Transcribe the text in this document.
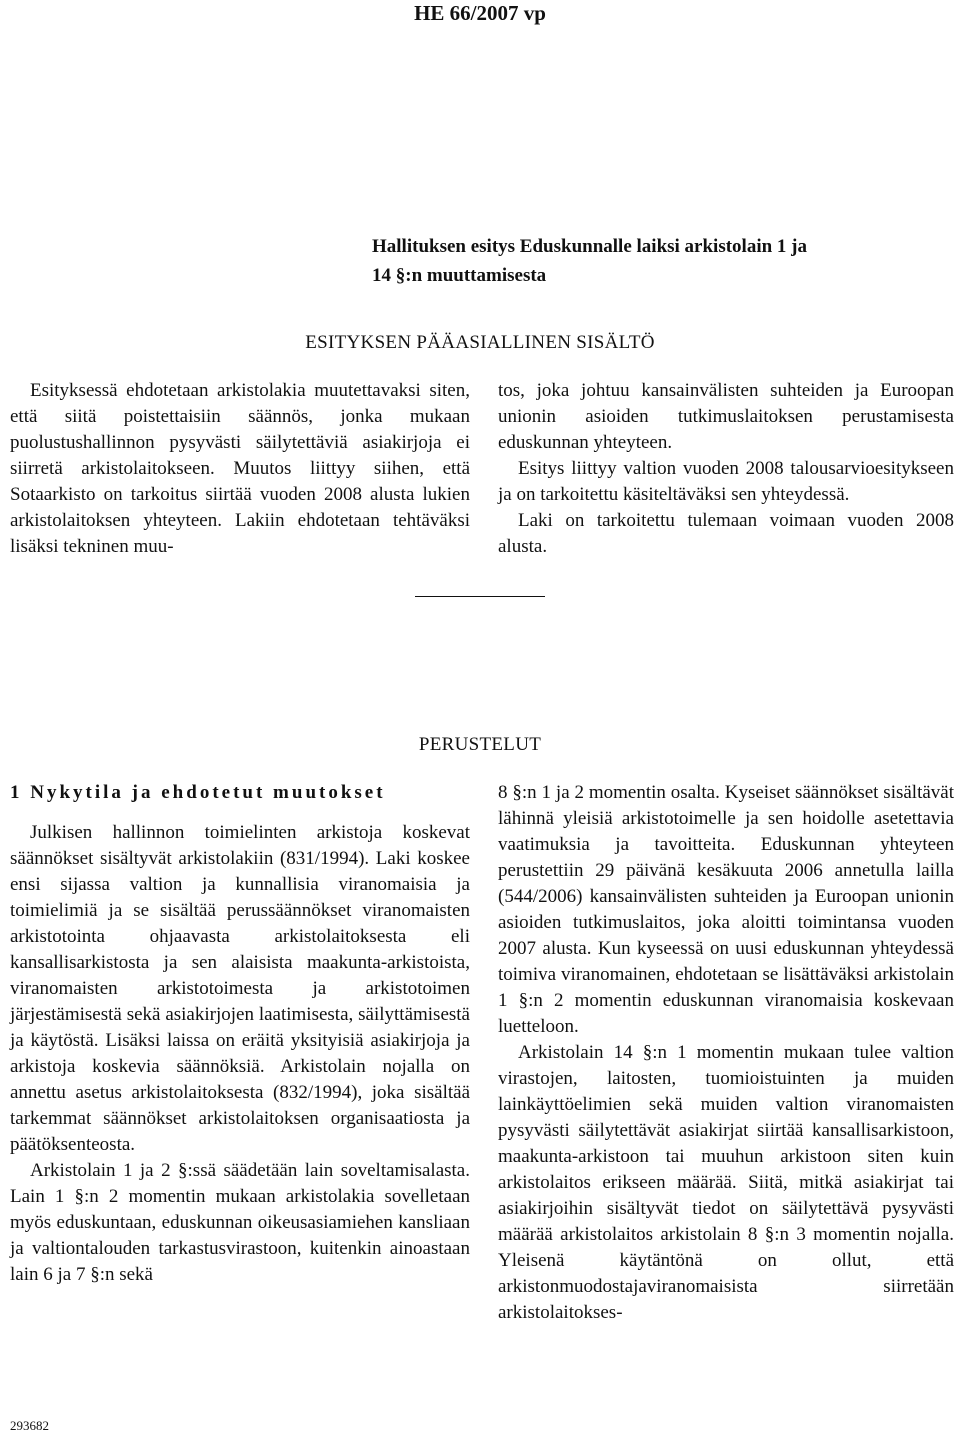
HE 66/2007 vp
Hallituksen esitys Eduskunnalle laiksi arkistolain 1 ja
14 §:n muuttamisesta
ESITYKSEN PÄÄASIALLINEN SISÄLTÖ

Esityksessä ehdotetaan arkistolakia muutettavaksi siten, että siitä poistettaisiin säännös, jonka mukaan puolustushallinnon pysyvästi säilytettäviä asiakirjoja ei siirretä arkistolaitokseen. Muutos liittyy siihen, että Sotaarkisto on tarkoitus siirtää vuoden 2008 alusta lukien arkistolaitoksen yhteyteen. Lakiin ehdotetaan tehtäväksi lisäksi tekninen muu-

tos, joka johtuu kansainvälisten suhteiden ja Euroopan unionin asioiden tutkimuslaitoksen perustamisesta eduskunnan yhteyteen.

Esitys liittyy valtion vuoden 2008 talousarvioesitykseen ja on tarkoitettu käsiteltäväksi sen yhteydessä.

Laki on tarkoitettu tulemaan voimaan vuoden 2008 alusta.

PERUSTELUT
1 Nykytila ja ehdotetut muutokset

Julkisen hallinnon toimielinten arkistoja koskevat säännökset sisältyvät arkistolakiin (831/1994). Laki koskee ensi sijassa valtion ja kunnallisia viranomaisia ja toimielimiä ja se sisältää perussäännökset viranomaisten arkistotointa ohjaavasta arkistolaitoksesta eli kansallisarkistosta ja sen alaisista maakunta-arkistoista, viranomaisten arkistotoimesta ja arkistotoimen järjestämisestä sekä asiakirjojen laatimisesta, säilyttämisestä ja käytöstä. Lisäksi laissa on eräitä yksityisiä asiakirjoja ja arkistoja koskevia säännöksiä. Arkistolain nojalla on annettu asetus arkistolaitoksesta (832/1994), joka sisältää tarkemmat säännökset arkistolaitoksen organisaatiosta ja päätöksenteosta.

Arkistolain 1 ja 2 §:ssä säädetään lain soveltamisalasta. Lain 1 §:n 2 momentin mukaan arkistolakia sovelletaan myös eduskuntaan, eduskunnan oikeusasiamiehen kansliaan ja valtiontalouden tarkastusvirastoon, kuitenkin ainoastaan lain 6 ja 7 §:n sekä

8 §:n 1 ja 2 momentin osalta. Kyseiset säännökset sisältävät lähinnä yleisiä arkistotoimelle ja sen hoidolle asetettavia vaatimuksia ja tavoitteita. Eduskunnan yhteyteen perustettiin 29 päivänä kesäkuuta 2006 annetulla lailla (544/2006) kansainvälisten suhteiden ja Euroopan unionin asioiden tutkimuslaitos, joka aloitti toimintansa vuoden 2007 alusta. Kun kyseessä on uusi eduskunnan yhteydessä toimiva viranomainen, ehdotetaan se lisättäväksi arkistolain 1 §:n 2 momentin eduskunnan viranomaisia koskevaan luetteloon.

Arkistolain 14 §:n 1 momentin mukaan tulee valtion virastojen, laitosten, tuomioistuinten ja muiden lainkäyttöelimien sekä muiden valtion viranomaisten pysyvästi säilytettävät asiakirjat siirtää kansallisarkistoon, maakunta-arkistoon tai muuhun arkistoon siten kuin arkistolaitos erikseen määrää. Siitä, mitkä asiakirjat tai asiakirjoihin sisältyvät tiedot on säilytettävä pysyvästi määrää arkistolaitos arkistolain 8 §:n 3 momentin nojalla. Yleisenä käytäntönä on ollut, että arkistonmuodostajaviranomaisista siirretään arkistolaitokses-

293682
